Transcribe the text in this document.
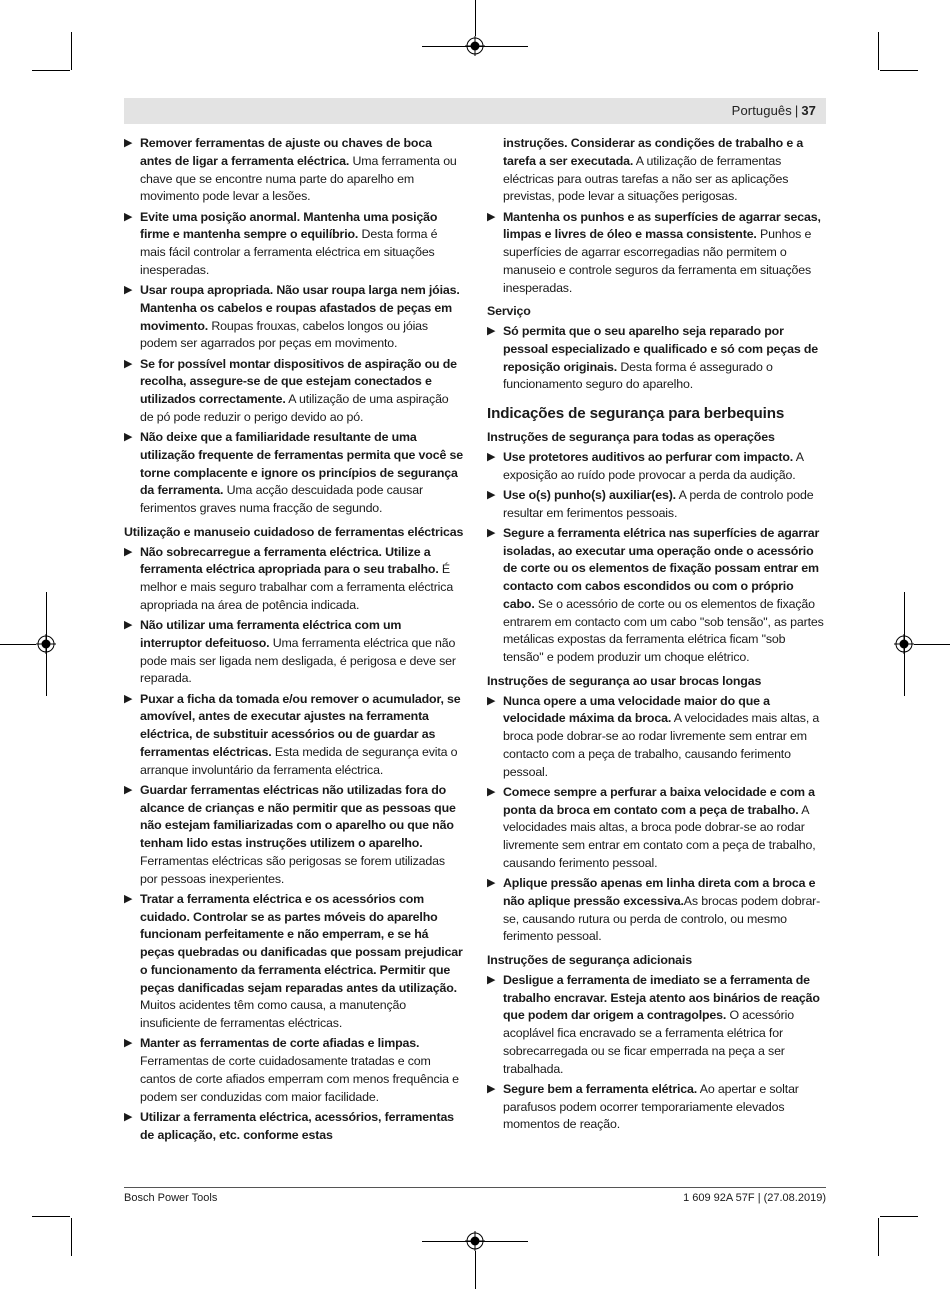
Português | 37
▶ Remover ferramentas de ajuste ou chaves de boca antes de ligar a ferramenta eléctrica. Uma ferramenta ou chave que se encontre numa parte do aparelho em movimento pode levar a lesões.
▶ Evite uma posição anormal. Mantenha uma posição firme e mantenha sempre o equilíbrio. Desta forma é mais fácil controlar a ferramenta eléctrica em situações inesperadas.
▶ Usar roupa apropriada. Não usar roupa larga nem jóias. Mantenha os cabelos e roupas afastados de peças em movimento. Roupas frouxas, cabelos longos ou jóias podem ser agarrados por peças em movimento.
▶ Se for possível montar dispositivos de aspiração ou de recolha, assegure-se de que estejam conectados e utilizados correctamente. A utilização de uma aspiração de pó pode reduzir o perigo devido ao pó.
▶ Não deixe que a familiaridade resultante de uma utilização frequente de ferramentas permita que você se torne complacente e ignore os princípios de segurança da ferramenta. Uma acção descuidada pode causar ferimentos graves numa fracção de segundo.
Utilização e manuseio cuidadoso de ferramentas eléctricas
▶ Não sobrecarregue a ferramenta eléctrica. Utilize a ferramenta eléctrica apropriada para o seu trabalho. É melhor e mais seguro trabalhar com a ferramenta eléctrica apropriada na área de potência indicada.
▶ Não utilizar uma ferramenta eléctrica com um interruptor defeituoso. Uma ferramenta eléctrica que não pode mais ser ligada nem desligada, é perigosa e deve ser reparada.
▶ Puxar a ficha da tomada e/ou remover o acumulador, se amovível, antes de executar ajustes na ferramenta eléctrica, de substituir acessórios ou de guardar as ferramentas eléctricas. Esta medida de segurança evita o arranque involuntário da ferramenta eléctrica.
▶ Guardar ferramentas eléctricas não utilizadas fora do alcance de crianças e não permitir que as pessoas que não estejam familiarizadas com o aparelho ou que não tenham lido estas instruções utilizem o aparelho. Ferramentas eléctricas são perigosas se forem utilizadas por pessoas inexperientes.
▶ Tratar a ferramenta eléctrica e os acessórios com cuidado. Controlar se as partes móveis do aparelho funcionam perfeitamente e não emperram, e se há peças quebradas ou danificadas que possam prejudicar o funcionamento da ferramenta eléctrica. Permitir que peças danificadas sejam reparadas antes da utilização. Muitos acidentes têm como causa, a manutenção insuficiente de ferramentas eléctricas.
▶ Manter as ferramentas de corte afiadas e limpas. Ferramentas de corte cuidadosamente tratadas e com cantos de corte afiados emperram com menos frequência e podem ser conduzidas com maior facilidade.
▶ Utilizar a ferramenta eléctrica, acessórios, ferramentas de aplicação, etc. conforme estas
instruções. Considerar as condições de trabalho e a tarefa a ser executada. A utilização de ferramentas eléctricas para outras tarefas a não ser as aplicações previstas, pode levar a situações perigosas.
▶ Mantenha os punhos e as superfícies de agarrar secas, limpas e livres de óleo e massa consistente. Punhos e superfícies de agarrar escorregadias não permitem o manuseio e controle seguros da ferramenta em situações inesperadas.
Serviço
▶ Só permita que o seu aparelho seja reparado por pessoal especializado e qualificado e só com peças de reposição originais. Desta forma é assegurado o funcionamento seguro do aparelho.
Indicações de segurança para berbequins
Instruções de segurança para todas as operações
▶ Use protetores auditivos ao perfurar com impacto. A exposição ao ruído pode provocar a perda da audição.
▶ Use o(s) punho(s) auxiliar(es). A perda de controlo pode resultar em ferimentos pessoais.
▶ Segure a ferramenta elétrica nas superfícies de agarrar isoladas, ao executar uma operação onde o acessório de corte ou os elementos de fixação possam entrar em contacto com cabos escondidos ou com o próprio cabo. Se o acessório de corte ou os elementos de fixação entrarem em contacto com um cabo "sob tensão", as partes metálicas expostas da ferramenta elétrica ficam "sob tensão" e podem produzir um choque elétrico.
Instruções de segurança ao usar brocas longas
▶ Nunca opere a uma velocidade maior do que a velocidade máxima da broca. A velocidades mais altas, a broca pode dobrar-se ao rodar livremente sem entrar em contacto com a peça de trabalho, causando ferimento pessoal.
▶ Comece sempre a perfurar a baixa velocidade e com a ponta da broca em contato com a peça de trabalho. A velocidades mais altas, a broca pode dobrar-se ao rodar livremente sem entrar em contato com a peça de trabalho, causando ferimento pessoal.
▶ Aplique pressão apenas em linha direta com a broca e não aplique pressão excessiva.As brocas podem dobrar-se, causando rutura ou perda de controlo, ou mesmo ferimento pessoal.
Instruções de segurança adicionais
▶ Desligue a ferramenta de imediato se a ferramenta de trabalho encravar. Esteja atento aos binários de reação que podem dar origem a contragolpes. O acessório acoplável fica encravado se a ferramenta elétrica for sobrecarregada ou se ficar emperrada na peça a ser trabalhada.
▶ Segure bem a ferramenta elétrica. Ao apertar e soltar parafusos podem ocorrer temporariamente elevados momentos de reação.
Bosch Power Tools	1 609 92A 57F | (27.08.2019)
